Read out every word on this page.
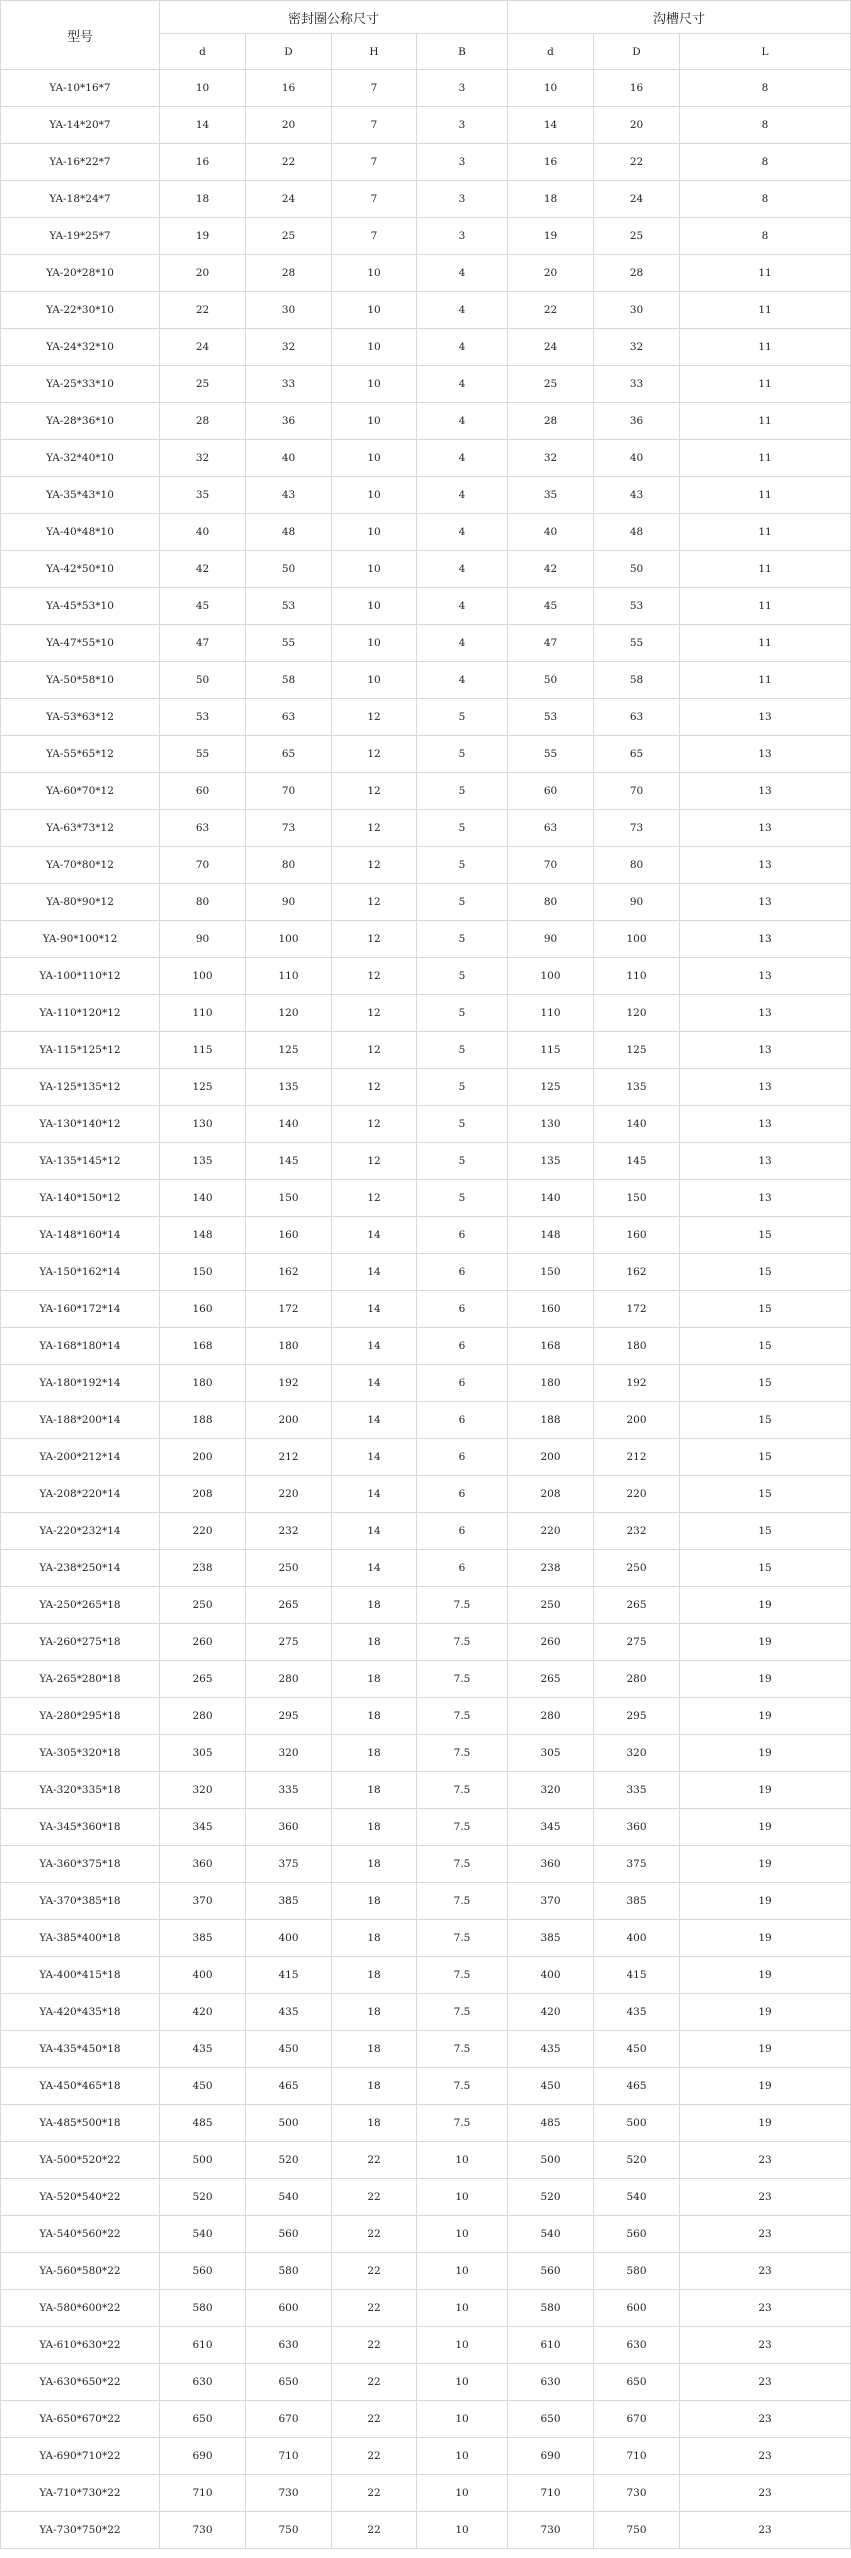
型号	密封圈公称尺寸				沟槽尺寸		
	d	D	H	B	d	D	L
YA-10*16*7	10	16	7	3	10	16	8
YA-14*20*7	14	20	7	3	14	20	8
YA-16*22*7	16	22	7	3	16	22	8
YA-18*24*7	18	24	7	3	18	24	8
YA-19*25*7	19	25	7	3	19	25	8
YA-20*28*10	20	28	10	4	20	28	11
YA-22*30*10	22	30	10	4	22	30	11
YA-24*32*10	24	32	10	4	24	32	11
YA-25*33*10	25	33	10	4	25	33	11
YA-28*36*10	28	36	10	4	28	36	11
YA-32*40*10	32	40	10	4	32	40	11
YA-35*43*10	35	43	10	4	35	43	11
YA-40*48*10	40	48	10	4	40	48	11
YA-42*50*10	42	50	10	4	42	50	11
YA-45*53*10	45	53	10	4	45	53	11
YA-47*55*10	47	55	10	4	47	55	11
YA-50*58*10	50	58	10	4	50	58	11
YA-53*63*12	53	63	12	5	53	63	13
YA-55*65*12	55	65	12	5	55	65	13
YA-60*70*12	60	70	12	5	60	70	13
YA-63*73*12	63	73	12	5	63	73	13
YA-70*80*12	70	80	12	5	70	80	13
YA-80*90*12	80	90	12	5	80	90	13
YA-90*100*12	90	100	12	5	90	100	13
YA-100*110*12	100	110	12	5	100	110	13
YA-110*120*12	110	120	12	5	110	120	13
YA-115*125*12	115	125	12	5	115	125	13
YA-125*135*12	125	135	12	5	125	135	13
YA-130*140*12	130	140	12	5	130	140	13
YA-135*145*12	135	145	12	5	135	145	13
YA-140*150*12	140	150	12	5	140	150	13
YA-148*160*14	148	160	14	6	148	160	15
YA-150*162*14	150	162	14	6	150	162	15
YA-160*172*14	160	172	14	6	160	172	15
YA-168*180*14	168	180	14	6	168	180	15
YA-180*192*14	180	192	14	6	180	192	15
YA-188*200*14	188	200	14	6	188	200	15
YA-200*212*14	200	212	14	6	200	212	15
YA-208*220*14	208	220	14	6	208	220	15
YA-220*232*14	220	232	14	6	220	232	15
YA-238*250*14	238	250	14	6	238	250	15
YA-250*265*18	250	265	18	7.5	250	265	19
YA-260*275*18	260	275	18	7.5	260	275	19
YA-265*280*18	265	280	18	7.5	265	280	19
YA-280*295*18	280	295	18	7.5	280	295	19
YA-305*320*18	305	320	18	7.5	305	320	19
YA-320*335*18	320	335	18	7.5	320	335	19
YA-345*360*18	345	360	18	7.5	345	360	19
YA-360*375*18	360	375	18	7.5	360	375	19
YA-370*385*18	370	385	18	7.5	370	385	19
YA-385*400*18	385	400	18	7.5	385	400	19
YA-400*415*18	400	415	18	7.5	400	415	19
YA-420*435*18	420	435	18	7.5	420	435	19
YA-435*450*18	435	450	18	7.5	435	450	19
YA-450*465*18	450	465	18	7.5	450	465	19
YA-485*500*18	485	500	18	7.5	485	500	19
YA-500*520*22	500	520	22	10	500	520	23
YA-520*540*22	520	540	22	10	520	540	23
YA-540*560*22	540	560	22	10	540	560	23
YA-560*580*22	560	580	22	10	560	580	23
YA-580*600*22	580	600	22	10	580	600	23
YA-610*630*22	610	630	22	10	610	630	23
YA-630*650*22	630	650	22	10	630	650	23
YA-650*670*22	650	670	22	10	650	670	23
YA-690*710*22	690	710	22	10	690	710	23
YA-710*730*22	710	730	22	10	710	730	23
YA-730*750*22	730	750	22	10	730	750	23
